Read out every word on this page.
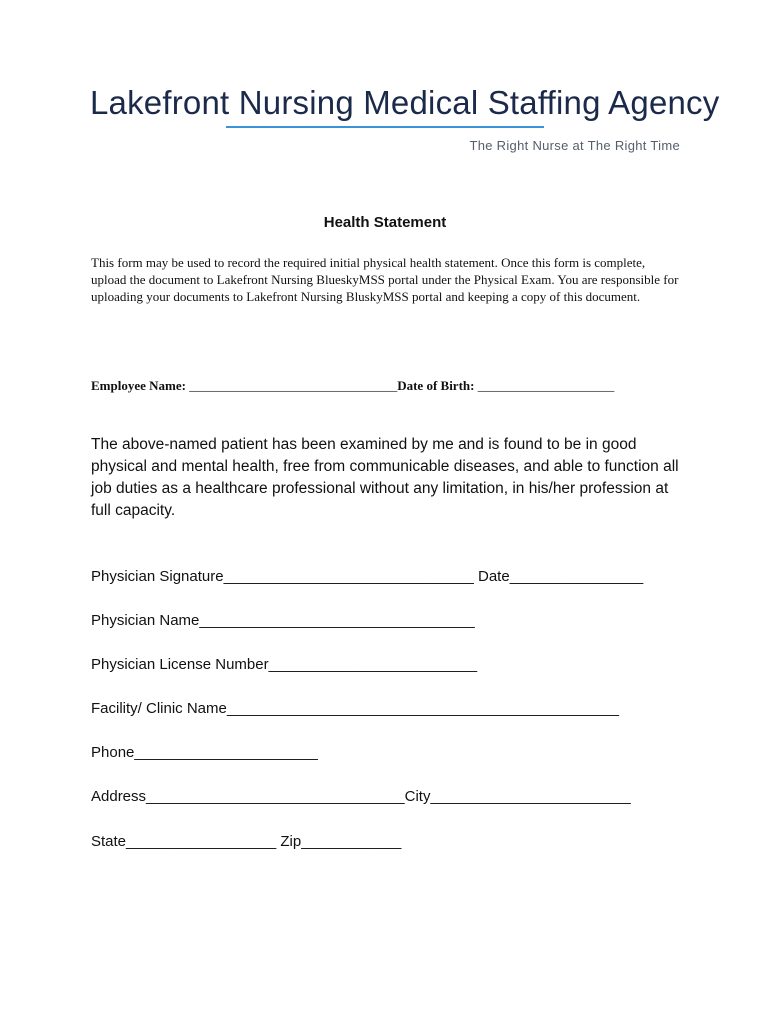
Lakefront Nursing Medical Staffing Agency
The Right Nurse at The Right Time
Health Statement
This form may be used to record the required initial physical health statement. Once this form is complete, upload the document to Lakefront Nursing BlueskyMSS portal under the Physical Exam. You are responsible for uploading your documents to Lakefront Nursing BluskyMSS portal and keeping a copy of this document.
Employee Name: ________________________________Date of Birth: _____________________
The above-named patient has been examined by me and is found to be in good physical and mental health, free from communicable diseases, and able to function all job duties as a healthcare professional without any limitation, in his/her profession at full capacity.
Physician Signature______________________________ Date________________
Physician Name_________________________________
Physician License Number_________________________
Facility/ Clinic Name_______________________________________________
Phone______________________
Address_______________________________City________________________
State__________________ Zip____________
